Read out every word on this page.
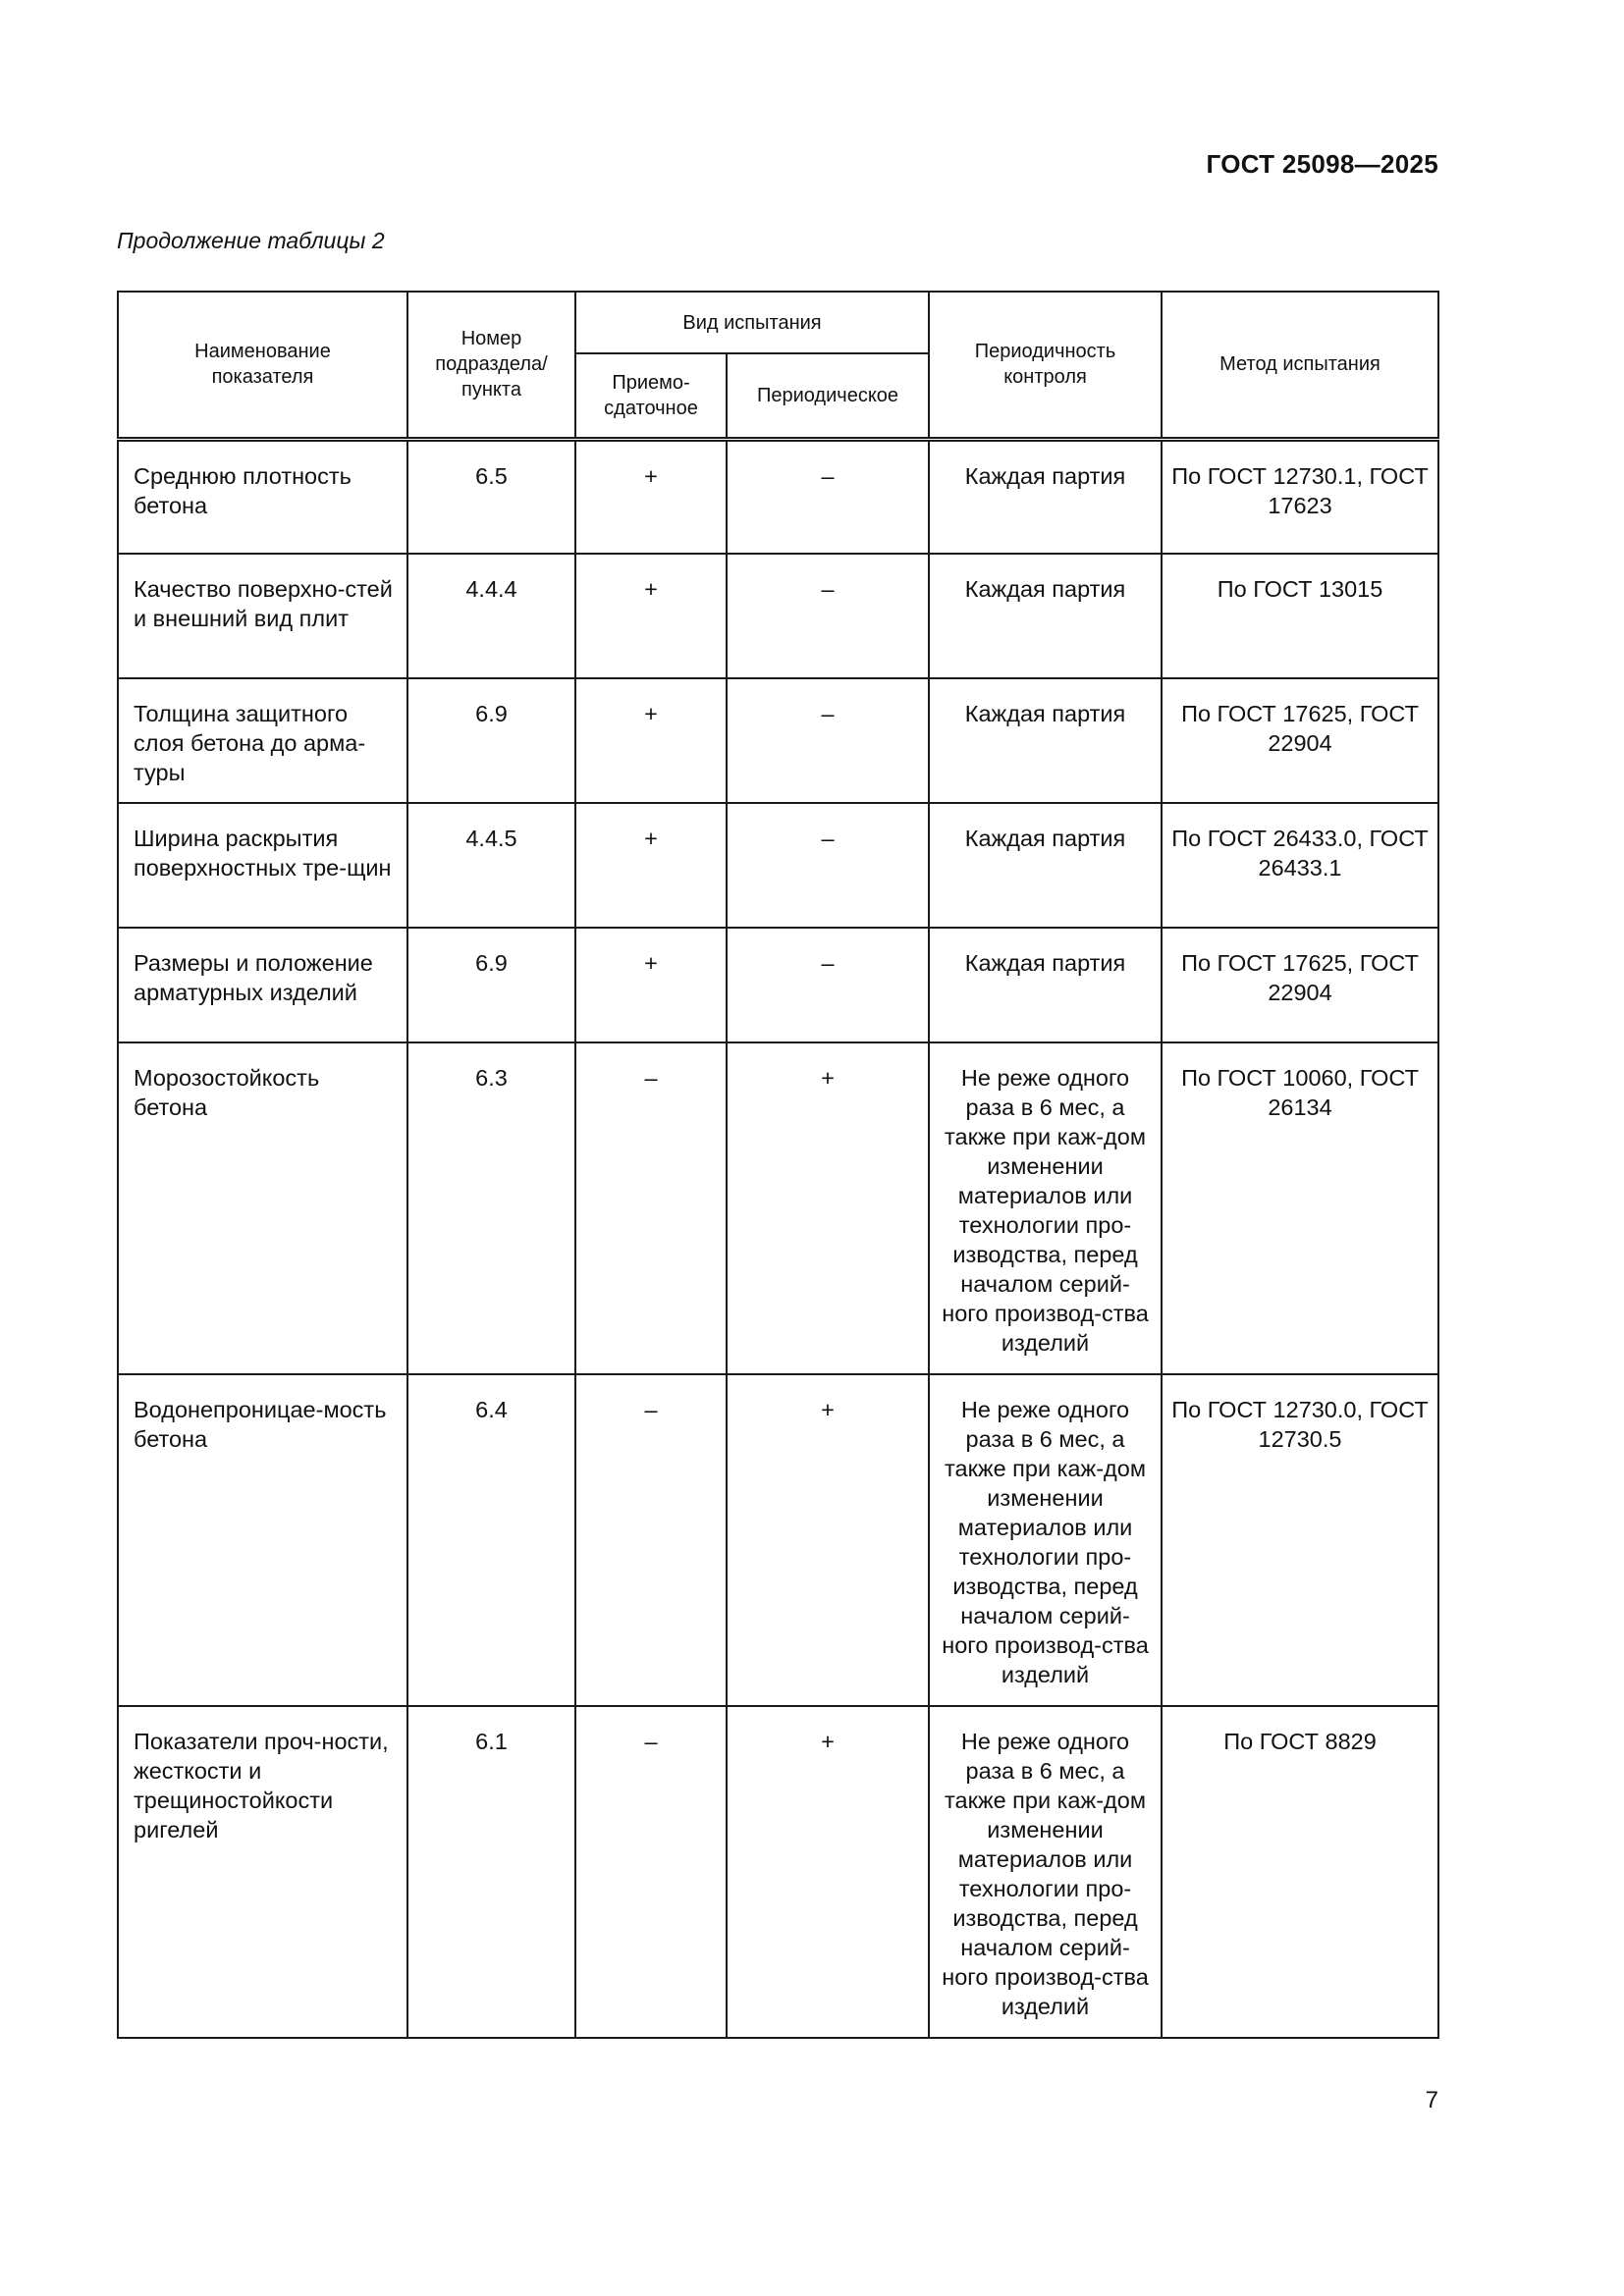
ГОСТ 25098—2025

Продолжение таблицы 2

Наименование показателя	Номер подраздела/ пункта	Вид испытания		Периодичность контроля	Метод испытания
		Приемо-сдаточное	Периодическое		
Среднюю плотность бетона	6.5	+	–	Каждая партия	По ГОСТ 12730.1, ГОСТ 17623
Качество поверхно-стей и внешний вид плит	4.4.4	+	–	Каждая партия	По ГОСТ 13015
Толщина защитного слоя бетона до арма-туры	6.9	+	–	Каждая партия	По ГОСТ 17625, ГОСТ 22904
Ширина раскрытия поверхностных тре-щин	4.4.5	+	–	Каждая партия	По ГОСТ 26433.0, ГОСТ 26433.1
Размеры и положение арматурных изделий	6.9	+	–	Каждая партия	По ГОСТ 17625, ГОСТ 22904
Морозостойкость бетона	6.3	–	+	Не реже одного раза в 6 мес, а также при каж-дом изменении материалов или технологии про-изводства, перед началом серий-ного производ-ства изделий	По ГОСТ 10060, ГОСТ 26134
Водонепроницае-мость бетона	6.4	–	+	Не реже одного раза в 6 мес, а также при каж-дом изменении материалов или технологии про-изводства, перед началом серий-ного производ-ства изделий	По ГОСТ 12730.0, ГОСТ 12730.5
Показатели проч-ности, жесткости и трещиностойкости ригелей	6.1	–	+	Не реже одного раза в 6 мес, а также при каж-дом изменении материалов или технологии про-изводства, перед началом серий-ного производ-ства изделий	По ГОСТ 8829

7
